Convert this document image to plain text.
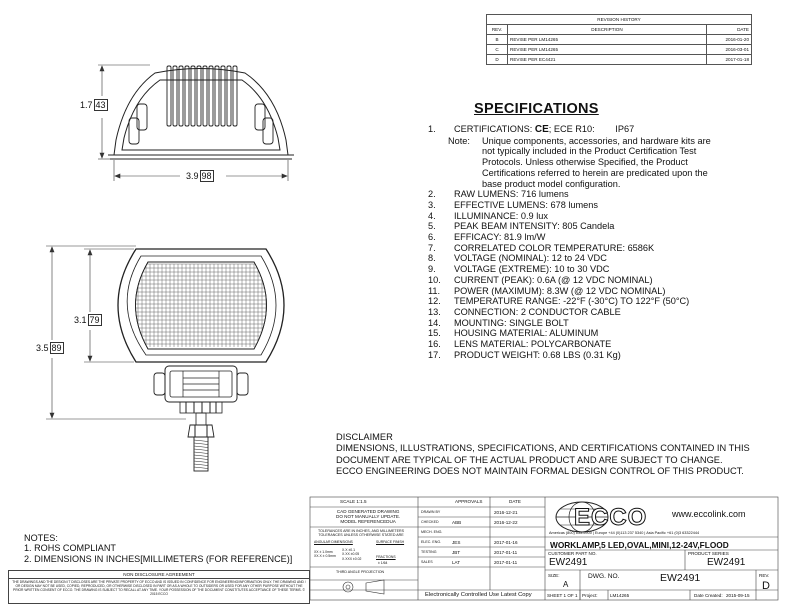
REVISION HISTORY		
REV.	DESCRIPTION	DATE
B	REVISE PER LM14265	2016-01-20
C	REVISE PER LM14265	2016-03-01
D	REVISE PER EC4421	2017-01-18
1.7 43
3.9 98
3.1 79
3.5 89
SPECIFICATIONS
1. CERTIFICATIONS: CE; ECE R10: IP67
Note: Unique components, accessories, and hardware kits are
not typically included in the Product Certification Test
Protocols. Unless otherwise Specified, the Product
Certifications referred to herein are predicated upon the
base product model configuration.
2. RAW LUMENS: 716 lumens
3. EFFECTIVE LUMENS: 678 lumens
4. ILLUMINANCE: 0.9 lux
5. PEAK BEAM INTENSITY: 805 Candela
6. EFFICACY: 81.9 lm/W
7. CORRELATED COLOR TEMPERATURE: 6586K
8. VOLTAGE (NOMINAL): 12 to 24 VDC
9. VOLTAGE (EXTREME): 10 to 30 VDC
10. CURRENT (PEAK): 0.6A (@ 12 VDC NOMINAL)
11. POWER (MAXIMUM): 8.3W (@ 12 VDC NOMINAL)
12. TEMPERATURE RANGE: -22°F (-30°C) TO 122°F (50°C)
13. CONNECTION: 2 CONDUCTOR CABLE
14. MOUNTING: SINGLE BOLT
15. HOUSING MATERIAL: ALUMINUM
16. LENS MATERIAL: POLYCARBONATE
17. PRODUCT WEIGHT: 0.68 LBS (0.31 Kg)
DISCLAIMER
DIMENSIONS, ILLUSTRATIONS, SPECIFICATIONS, AND CERTIFICATIONS CONTAINED IN THIS
DOCUMENT ARE TYPICAL OF THE ACTUAL PRODUCT AND ARE SUBJECT TO CHANGE.
ECCO ENGINEERING DOES NOT MAINTAIN FORMAL DESIGN CONTROL OF THIS PRODUCT.
NOTES:
1. ROHS COMPLIANT
2. DIMENSIONS IN INCHES[MILLIMETERS (FOR REFERENCE)]
NON DISCLOSURE AGREEMENT
THE DRAWINGS AND THE DESIGN IT DISCLOSES ARE THE PRIVATE PROPERTY OF ECCO AND IS ISSUED IN CONFIDENCE FOR ENGINEERING/INFORMATION ONLY. THE DRAWING AND / OR DESIGN MAY NOT BE USED, COPIED, REPRODUCED, OR OTHERWISE DISCLOSED IN PART OR AS A WHOLE TO OUTSIDERS OR USED FOR ANY OTHER PURPOSE WITHOUT THE PRIOR WRITTEN CONSENT OF ECCO. THE DRAWING IS SUBJECT TO RECALL AT ANY TIME. YOUR POSSESSION OF THE DOCUMENT CONSTITUTES ACCEPTANCE OF THESE TERMS. © 2015 ECCO
SCALE 1:1.5	APPROVALS	DATE
CAD GENERATED DRAWING
DO NOT MANUALLY UPDATE.
MODEL REFERENCEDUA
TOLERANCES ARE IN INCHES, AND MILLIMETERS
TOLERANCES UNLESS OTHERWISE STATED ARE
ANGULAR DIMENSIONS
XX ± 1.0mm
XX.X ± 0.5mm
X.X ±0.1
X.XX ±0.05
X.XXX ±0.02
SURFACE FINISH
FRACTIONS
± 1/64
THIRD ANGLE PROJECTION
DRAWN BY	2016-12-21
CHECKED	ABB	2016-12-22
MECH. ENG.
ELEC. ENG. JES	2017-01-16
TESTING	JBT	2017-01-11
SALES	LAT	2017-01-11
ECCO	www.eccolink.com
Americas (800) 635-5900 | Europe +44 (0)113 237 5340 | Asia Pacific +61 (0)3 63322444
WORKLAMP,5 LED,OVAL,MINI,12-24V,FLOOD
CUSTOMER PART NO.
EW2491
PRODUCT SERIES
EW2491
SIZE:
A
DWG. NO.	EW2491	REV.
D
Electronically Controlled Use Latest Copy	SHEET 1 OF 1 Project:	LM14265	Date Created: 2015-09-15
